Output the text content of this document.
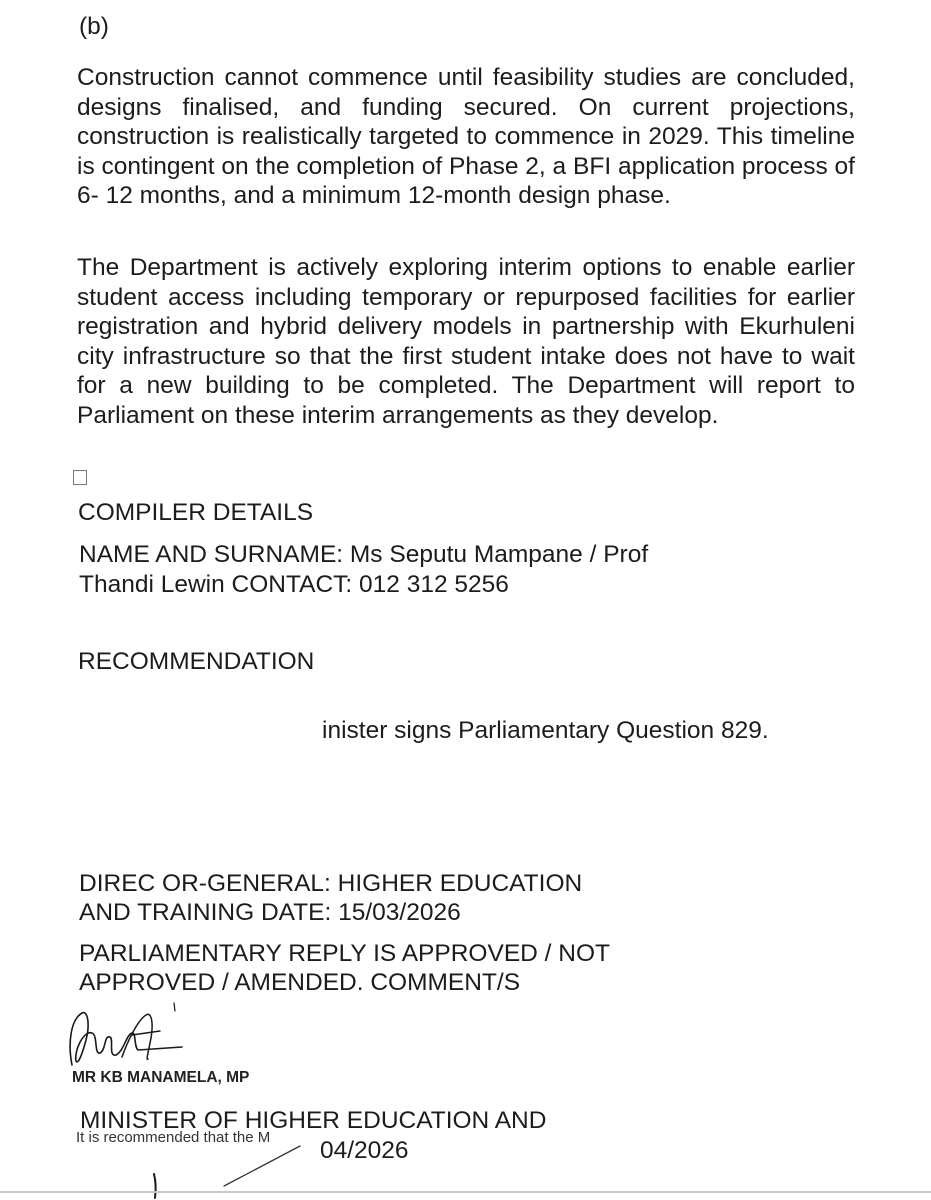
(b)

Construction cannot commence until feasibility studies are concluded, designs finalised, and funding secured. On current projections, construction is realistically targeted to commence in 2029. This timeline is contingent on the completion of Phase 2, a BFI application process of 6- 12 months, and a minimum 12-month design phase.

The Department is actively exploring interim options to enable earlier student access including temporary or repurposed facilities for earlier registration and hybrid delivery models in partnership with Ekurhuleni city infrastructure so that the first student intake does not have to wait for a new building to be completed. The Department will report to Parliament on these interim arrangements as they develop.

COMPILER DETAILS

NAME AND SURNAME: Ms Seputu Mampane / Prof

Thandi Lewin CONTACT: 012 312 5256

RECOMMENDATION

inister signs Parliamentary Question 829.

DIREC OR-GENERAL: HIGHER EDUCATION

AND TRAINING DATE: 15/03/2026

PARLIAMENTARY REPLY IS APPROVED / NOT

APPROVED / AMENDED. COMMENT/S

MR KB MANAMELA, MP

MINISTER OF HIGHER EDUCATION AND

It is recommended that the M 04/2026
